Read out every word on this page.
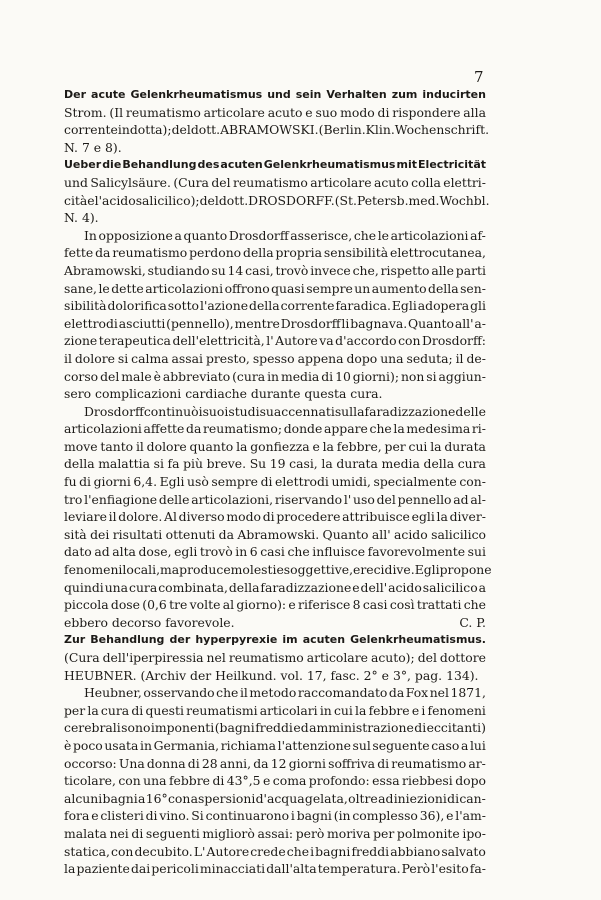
7
Der acute Gelenkrheumatismus und sein Verhalten zum inducirten
Strom. (Il reumatismo articolare acuto e suo modo di rispondere alla
corrente indotta); del dott. ABRAMOWSKI. (Berlin. Klin. Wochenschrift.
N. 7 e 8).
Ueber die Behandlung des acuten Gelenkrheumatismus mit Electricität
und Salicylsäure. (Cura del reumatismo articolare acuto colla elettri-
cità e l'acido salicilico); del dott. DROSDORFF. (St. Petersb. med. Wochbl.
N. 4).
In opposizione a quanto Drosdorff asserisce, che le articolazioni af-
fette da reumatismo perdono della propria sensibilità elettrocutanea,
Abramowski, studiando su 14 casi, trovò invece che, rispetto alle parti
sane, le dette articolazioni offrono quasi sempre un aumento della sen-
sibilità dolorifica sotto l'azione della corrente faradica. Egli adopera gli
elettrodi asciutti (pennello), mentre Drosdorff li bagnava. Quanto all' a-
zione terapeutica dell'elettricità, l' Autore va d'accordo con Drosdorff:
il dolore si calma assai presto, spesso appena dopo una seduta; il de-
corso del male è abbreviato (cura in media di 10 giorni); non si aggiun-
sero complicazioni cardiache durante questa cura.
Drosdorff continuò i suoi studi suaccennati sulla faradizzazione delle
articolazioni affette da reumatismo; donde appare che la medesima ri-
move tanto il dolore quanto la gonfiezza e la febbre, per cui la durata
della malattia si fa più breve. Su 19 casi, la durata media della cura
fu di giorni 6,4. Egli usò sempre di elettrodi umidi, specialmente con-
tro l'enfiagione delle articolazioni, riservando l' uso del pennello ad al-
leviare il dolore. Al diverso modo di procedere attribuisce egli la diver-
sità dei risultati ottenuti da Abramowski. Quanto all' acido salicilico
dato ad alta dose, egli trovò in 6 casi che influisce favorevolmente sui
fenomeni locali, ma produce molestie soggettive, e recidive. Egli propone
quindi una cura combinata, della faradizzazione e dell' acido salicilico a
piccola dose (0,6 tre volte al giorno): e riferisce 8 casi così trattati che
ebbero decorso favorevole.	C. P.
Zur Behandlung der hyperpyrexie im acuten Gelenkrheumatismus.
(Cura dell'iperpiressia nel reumatismo articolare acuto); del dottore
HEUBNER. (Archiv der Heilkund. vol. 17, fasc. 2° e 3°, pag. 134).
Heubner, osservando che il metodo raccomandato da Fox nel 1871,
per la cura di questi reumatismi articolari in cui la febbre e i fenomeni
cerebrali sono imponenti (bagni freddi ed amministrazione di eccitanti)
è poco usata in Germania, richiama l'attenzione sul seguente caso a lui
occorso: Una donna di 28 anni, da 12 giorni soffriva di reumatismo ar-
ticolare, con una febbre di 43°,5 e coma profondo: essa riebbesi dopo
alcuni bagni a 16° con aspersioni d'acqua gelata, oltre ad iniezioni di can-
fora e clisteri di vino. Si continuarono i bagni (in complesso 36), e l'am-
malata nei di seguenti migliorò assai: però moriva per polmonite ipo-
statica, con decubito. L' Autore crede che i bagni freddi abbiano salvato
la paziente dai pericoli minacciati dall'alta temperatura. Però l'esito fa-
